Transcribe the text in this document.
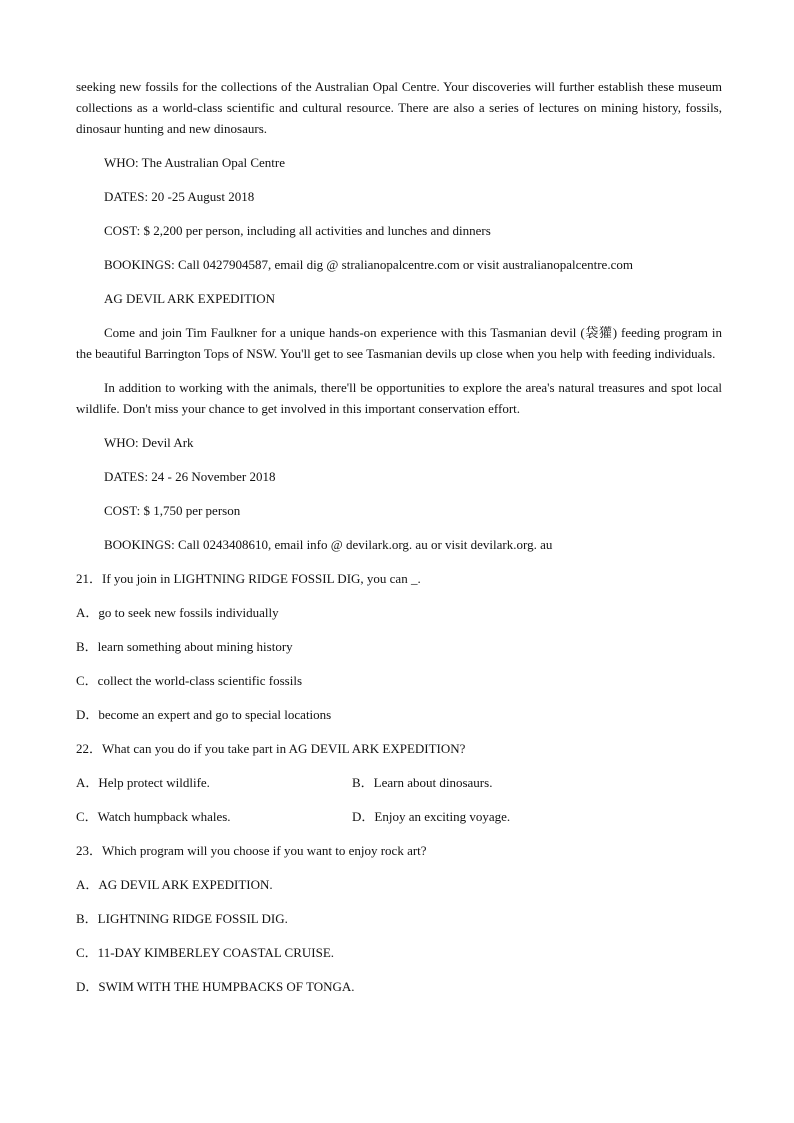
seeking new fossils for the collections of the Australian Opal Centre. Your discoveries will further establish these museum collections as a world-class scientific and cultural resource. There are also a series of lectures on mining history, fossils, dinosaur hunting and new dinosaurs.

WHO: The Australian Opal Centre

DATES: 20 -25 August 2018

COST: $ 2,200 per person, including all activities and lunches and dinners

BOOKINGS: Call 0427904587, email dig @ stralianopalcentre.com or visit australianopalcentre.com

AG DEVIL ARK EXPEDITION

Come and join Tim Faulkner for a unique hands-on experience with this Tasmanian devil (袋獾) feeding program in the beautiful Barrington Tops of NSW. You'll get to see Tasmanian devils up close when you help with feeding individuals.

In addition to working with the animals, there'll be opportunities to explore the area's natural treasures and spot local wildlife. Don't miss your chance to get involved in this important conservation effort.

WHO: Devil Ark

DATES: 24 - 26 November 2018

COST: $ 1,750 per person

BOOKINGS: Call 0243408610, email info @ devilark.org. au or visit devilark.org. au

21．If you join in LIGHTNING RIDGE FOSSIL DIG, you can _.

A．go to seek new fossils individually

B．learn something about mining history

C．collect the world-class scientific fossils

D．become an expert and go to special locations

22．What can you do if you take part in AG DEVIL ARK EXPEDITION?

A．Help protect wildlife.	B．Learn about dinosaurs.
C．Watch humpback whales.	D．Enjoy an exciting voyage.

23．Which program will you choose if you want to enjoy rock art?

A．AG DEVIL ARK EXPEDITION.

B．LIGHTNING RIDGE FOSSIL DIG.

C．11-DAY KIMBERLEY COASTAL CRUISE.

D．SWIM WITH THE HUMPBACKS OF TONGA.
